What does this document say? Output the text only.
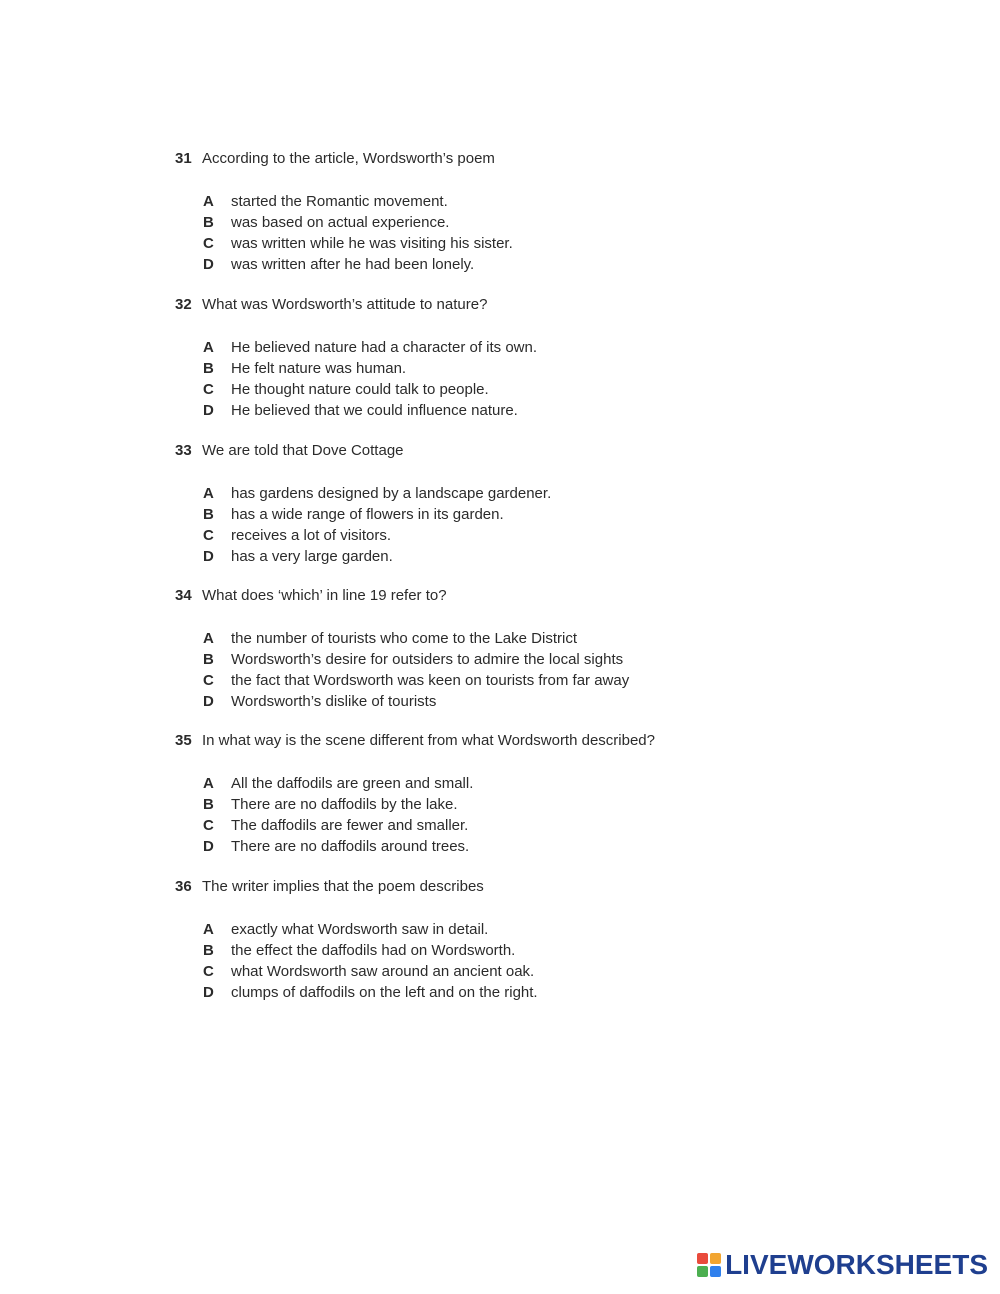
31 According to the article, Wordsworth’s poem
A	started the Romantic movement.
B	was based on actual experience.
C	was written while he was visiting his sister.
D	was written after he had been lonely.
32 What was Wordsworth’s attitude to nature?
A	He believed nature had a character of its own.
B	He felt nature was human.
C	He thought nature could talk to people.
D	He believed that we could influence nature.
33 We are told that Dove Cottage
A	has gardens designed by a landscape gardener.
B	has a wide range of flowers in its garden.
C	receives a lot of visitors.
D	has a very large garden.
34 What does ‘which’ in line 19 refer to?
A	the number of tourists who come to the Lake District
B	Wordsworth’s desire for outsiders to admire the local sights
C	the fact that Wordsworth was keen on tourists from far away
D	Wordsworth’s dislike of tourists
35 In what way is the scene different from what Wordsworth described?
A	All the daffodils are green and small.
B	There are no daffodils by the lake.
C	The daffodils are fewer and smaller.
D	There are no daffodils around trees.
36 The writer implies that the poem describes
A	exactly what Wordsworth saw in detail.
B	the effect the daffodils had on Wordsworth.
C	what Wordsworth saw around an ancient oak.
D	clumps of daffodils on the left and on the right.
LIVEWORKSHEETS
